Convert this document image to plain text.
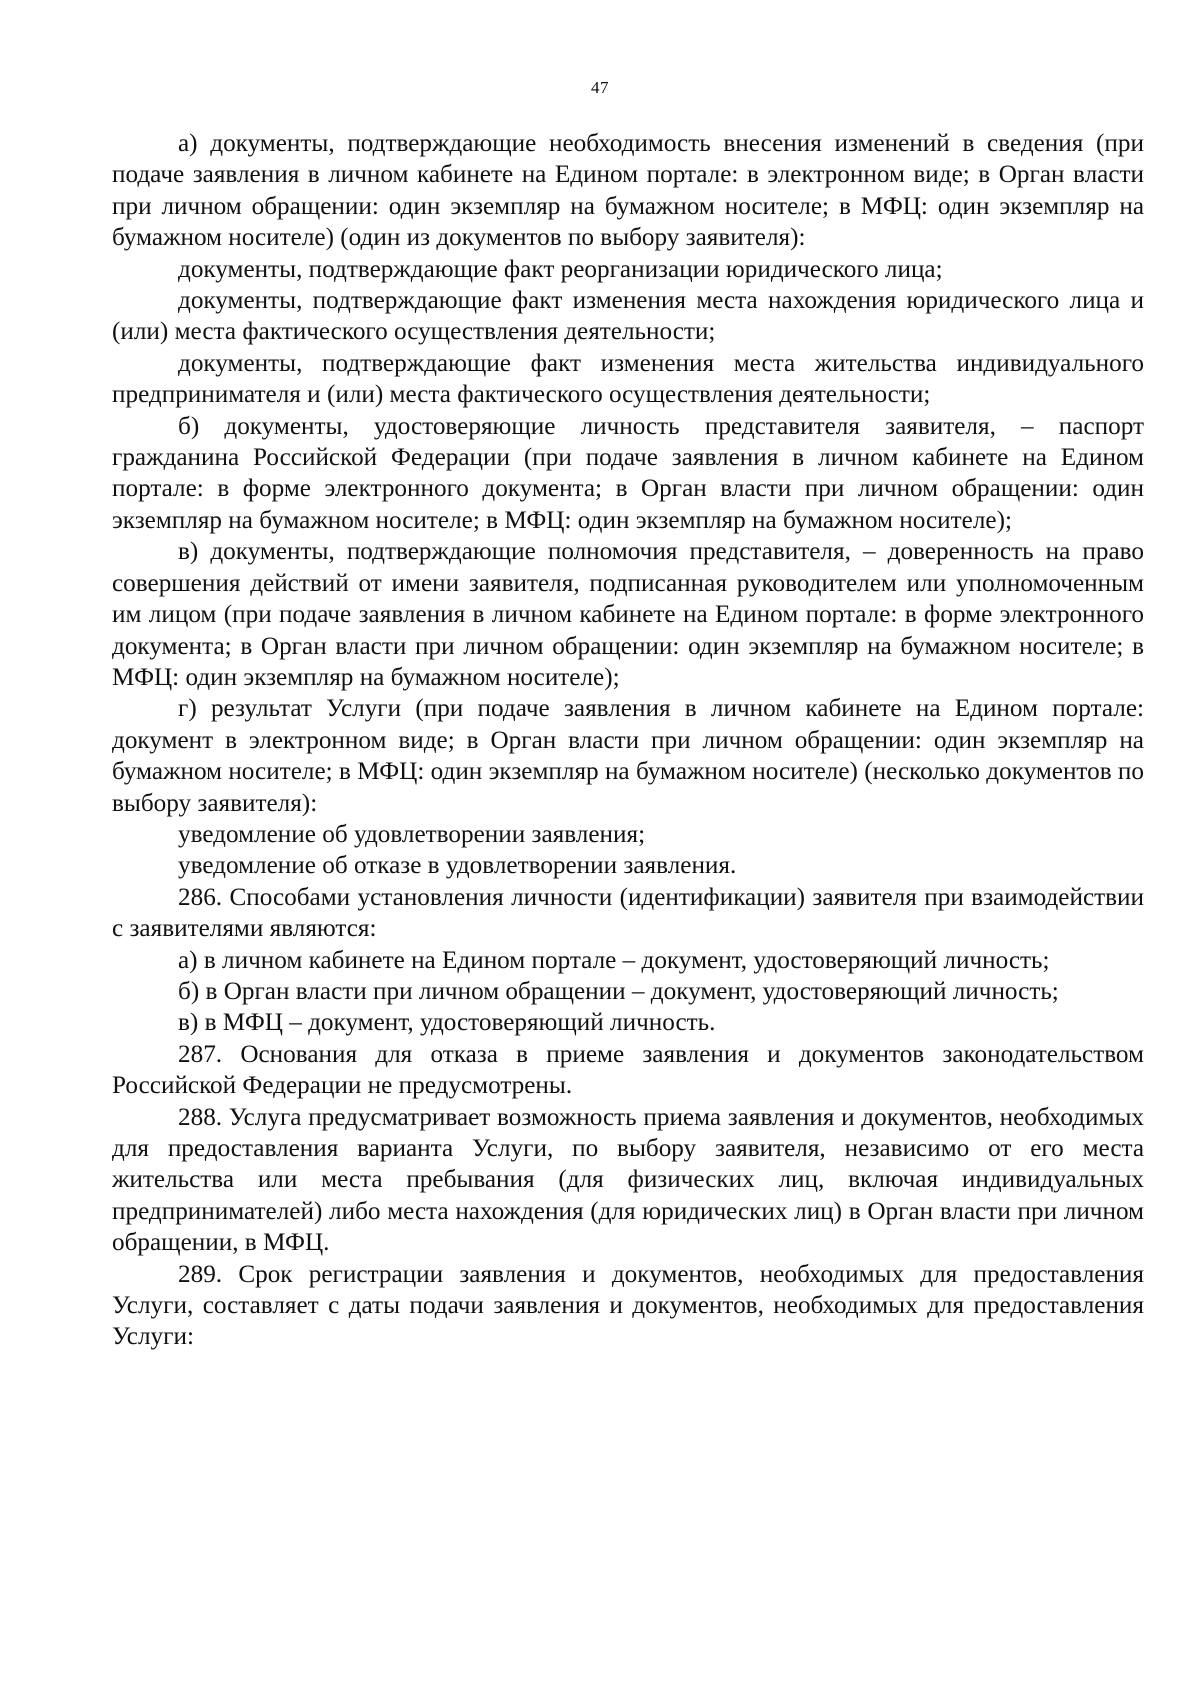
47

а) документы, подтверждающие необходимость внесения изменений в сведения (при подаче заявления в личном кабинете на Едином портале: в электронном виде; в Орган власти при личном обращении: один экземпляр на бумажном носителе; в МФЦ: один экземпляр на бумажном носителе) (один из документов по выбору заявителя):

документы, подтверждающие факт реорганизации юридического лица;

документы, подтверждающие факт изменения места нахождения юридического лица и (или) места фактического осуществления деятельности;

документы, подтверждающие факт изменения места жительства индивидуального предпринимателя и (или) места фактического осуществления деятельности;

б) документы, удостоверяющие личность представителя заявителя, – паспорт гражданина Российской Федерации (при подаче заявления в личном кабинете на Едином портале: в форме электронного документа; в Орган власти при личном обращении: один экземпляр на бумажном носителе; в МФЦ: один экземпляр на бумажном носителе);

в) документы, подтверждающие полномочия представителя, – доверенность на право совершения действий от имени заявителя, подписанная руководителем или уполномоченным им лицом (при подаче заявления в личном кабинете на Едином портале: в форме электронного документа; в Орган власти при личном обращении: один экземпляр на бумажном носителе; в МФЦ: один экземпляр на бумажном носителе);

г) результат Услуги (при подаче заявления в личном кабинете на Едином портале: документ в электронном виде; в Орган власти при личном обращении: один экземпляр на бумажном носителе; в МФЦ: один экземпляр на бумажном носителе) (несколько документов по выбору заявителя):

уведомление об удовлетворении заявления;

уведомление об отказе в удовлетворении заявления.

286. Способами установления личности (идентификации) заявителя при взаимодействии с заявителями являются:

а) в личном кабинете на Едином портале – документ, удостоверяющий личность;

б) в Орган власти при личном обращении – документ, удостоверяющий личность;

в) в МФЦ – документ, удостоверяющий личность.

287. Основания для отказа в приеме заявления и документов законодательством Российской Федерации не предусмотрены.

288. Услуга предусматривает возможность приема заявления и документов, необходимых для предоставления варианта Услуги, по выбору заявителя, независимо от его места жительства или места пребывания (для физических лиц, включая индивидуальных предпринимателей) либо места нахождения (для юридических лиц) в Орган власти при личном обращении, в МФЦ.

289. Срок регистрации заявления и документов, необходимых для предоставления Услуги, составляет с даты подачи заявления и документов, необходимых для предоставления Услуги:
